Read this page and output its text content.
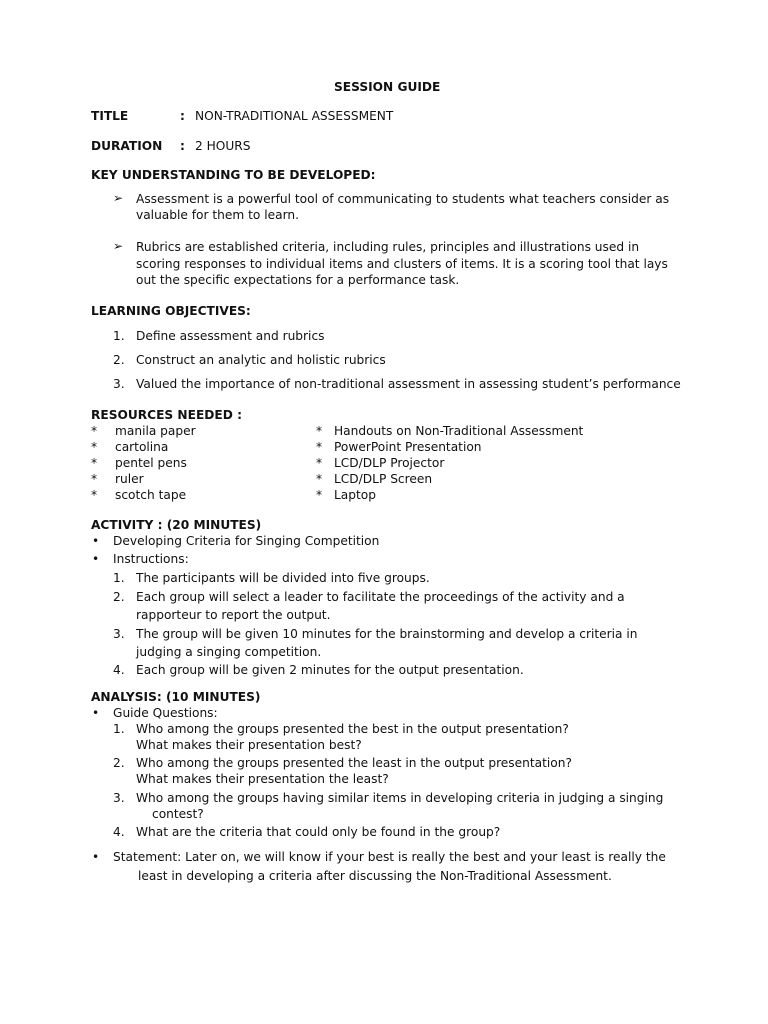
SESSION GUIDE
TITLE	: NON-TRADITIONAL ASSESSMENT
DURATION : 2 HOURS
KEY UNDERSTANDING TO BE DEVELOPED:
➢ Assessment is a powerful tool of communicating to students what teachers consider as
valuable for them to learn.
➢ Rubrics are established criteria, including rules, principles and illustrations used in
scoring responses to individual items and clusters of items. It is a scoring tool that lays
out the specific expectations for a performance task.
LEARNING OBJECTIVES:
1. Define assessment and rubrics
2. Construct an analytic and holistic rubrics
3. Valued the importance of non-traditional assessment in assessing student’s performance
RESOURCES NEEDED :
* manila paper	* Handouts on Non-Traditional Assessment
* cartolina	* PowerPoint Presentation
* pentel pens	* LCD/DLP Projector
* ruler	* LCD/DLP Screen
* scotch tape	* Laptop
ACTIVITY : (20 MINUTES)
• Developing Criteria for Singing Competition
• Instructions:
1. The participants will be divided into five groups.
2. Each group will select a leader to facilitate the proceedings of the activity and a
rapporteur to report the output.
3. The group will be given 10 minutes for the brainstorming and develop a criteria in
judging a singing competition.
4. Each group will be given 2 minutes for the output presentation.
ANALYSIS: (10 MINUTES)
• Guide Questions:
1. Who among the groups presented the best in the output presentation?
What makes their presentation best?
2. Who among the groups presented the least in the output presentation?
What makes their presentation the least?
3. Who among the groups having similar items in developing criteria in judging a singing
contest?
4. What are the criteria that could only be found in the group?
• Statement: Later on, we will know if your best is really the best and your least is really the
least in developing a criteria after discussing the Non-Traditional Assessment.
